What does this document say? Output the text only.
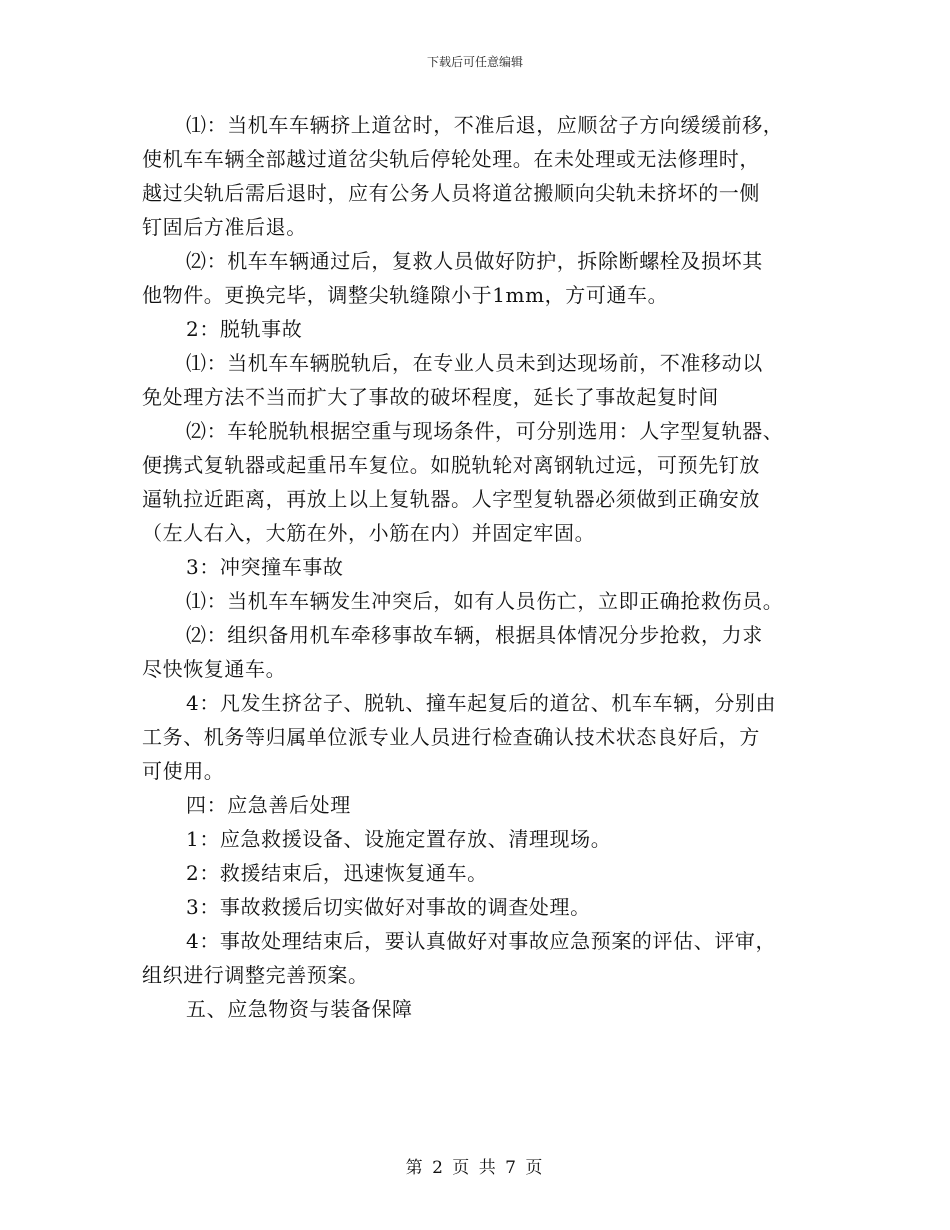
下载后可任意编辑
⑴：当机车车辆挤上道岔时，不准后退，应顺岔子方向缓缓前移，
使机车车辆全部越过道岔尖轨后停轮处理。在未处理或无法修理时，
越过尖轨后需后退时，应有公务人员将道岔搬顺向尖轨未挤坏的一侧
钉固后方准后退。
⑵：机车车辆通过后，复救人员做好防护，拆除断螺栓及损坏其
他物件。更换完毕，调整尖轨缝隙小于1mm，方可通车。
2：脱轨事故
⑴：当机车车辆脱轨后，在专业人员未到达现场前，不准移动以
免处理方法不当而扩大了事故的破坏程度，延长了事故起复时间
⑵：车轮脱轨根据空重与现场条件，可分别选用：人字型复轨器、
便携式复轨器或起重吊车复位。如脱轨轮对离钢轨过远，可预先钉放
逼轨拉近距离，再放上以上复轨器。人字型复轨器必须做到正确安放
（左人右入，大筋在外，小筋在内）并固定牢固。
3：冲突撞车事故
⑴：当机车车辆发生冲突后，如有人员伤亡，立即正确抢救伤员。
⑵：组织备用机车牵移事故车辆，根据具体情况分步抢救，力求
尽快恢复通车。
4：凡发生挤岔子、脱轨、撞车起复后的道岔、机车车辆，分别由
工务、机务等归属单位派专业人员进行检查确认技术状态良好后，方
可使用。
四：应急善后处理
1：应急救援设备、设施定置存放、清理现场。
2：救援结束后，迅速恢复通车。
3：事故救援后切实做好对事故的调查处理。
4：事故处理结束后，要认真做好对事故应急预案的评估、评审，
组织进行调整完善预案。
五、应急物资与装备保障
第 2 页 共 7 页
